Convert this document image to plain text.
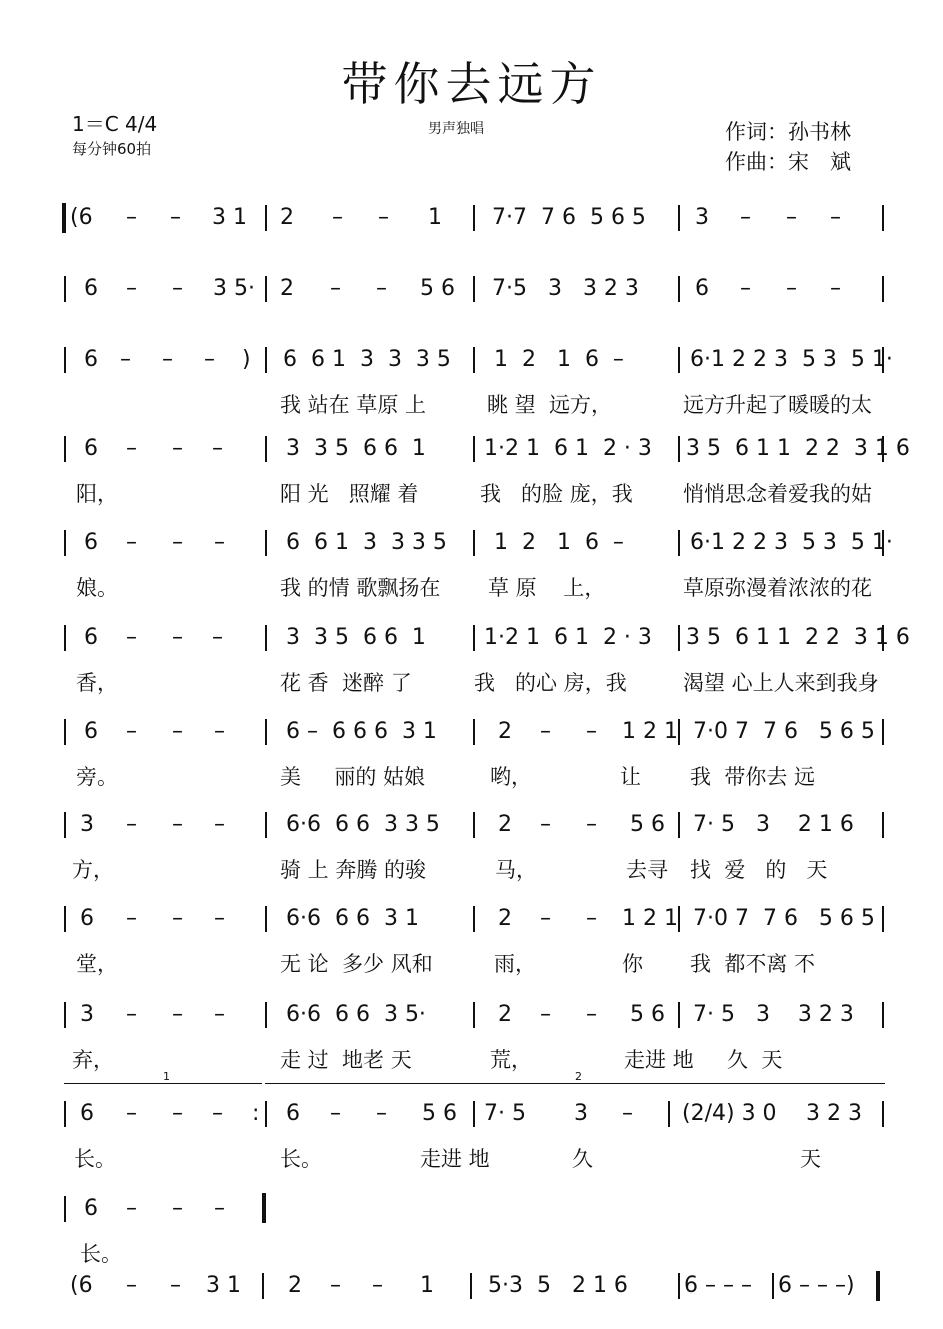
带你去远方
1＝C 4/4
每分钟60拍
男声独唱	作词：孙书林
作曲：宋　斌
(6 – – 3 1 2 – – 1 7·7  7 6  5 6 5 3 – – –
6 – – 3 5· 2 – – 5 6 7·5   3   3 2 3	6 – – –
6 – – – ) 6  6 1  3  3  3 5 1  2   1  6  –	6·1 2 2 3  5 3  5 1·
我 站在 草原 上	眺 望  远方，	远方升起了暖暖的太
6 – – –	3  3 5  6 6  1	1·2 1  6 1  2 · 3 3 5  6 1 1  2 2  3 1 6
阳，	阳 光   照耀 着	我   的脸 庞，我 悄悄思念着爱我的姑
6 – – –	6  6 1  3  3 3 5 1  2   1  6  –	6·1 2 2 3  5 3  5 1·
娘。	我 的情 歌飘扬在 草 原    上，	草原弥漫着浓浓的花
6 – – –	3  3 5  6 6  1	1·2 1  6 1  2 · 3 3 5  6 1 1  2 2  3 1 6
香，	花 香  迷醉 了	我   的心 房，我	渴望 心上人来到我身
6 – – –	6 –  6 6 6  3 1	2 – – 1 2 1 7·0 7  7 6   5 6 5
旁。	美     丽的 姑娘	哟，	让 我  带你去 远
3 – – –	6·6  6 6  3 3 5	2 – – 5 6 7· 5   3    2 1 6
方，	骑 上 奔腾 的骏	马，	去寻 找  爱   的   天
6 – – –	6·6  6 6  3 1	2 – – 1 2 1 7·0 7  7 6   5 6 5
堂，	无 论  多少 风和	雨，	你 我  都不离 不
3 – – –	6·6  6 6  3 5·	2 – – 5 6 7· 5   3    3 2 3
弃，	走 过  地老 天	荒，	走进 地     久  天
6 – – – : 6 – – 5 6 7· 5 3 – (2/4) 3 0 3 2 3
长。	长。	走进 地	久	天
6 – – –
长。
(6 – – 3 1 2 – – 1 5·3  5   2 1 6	6 – – – 6 – – –)
1	2
